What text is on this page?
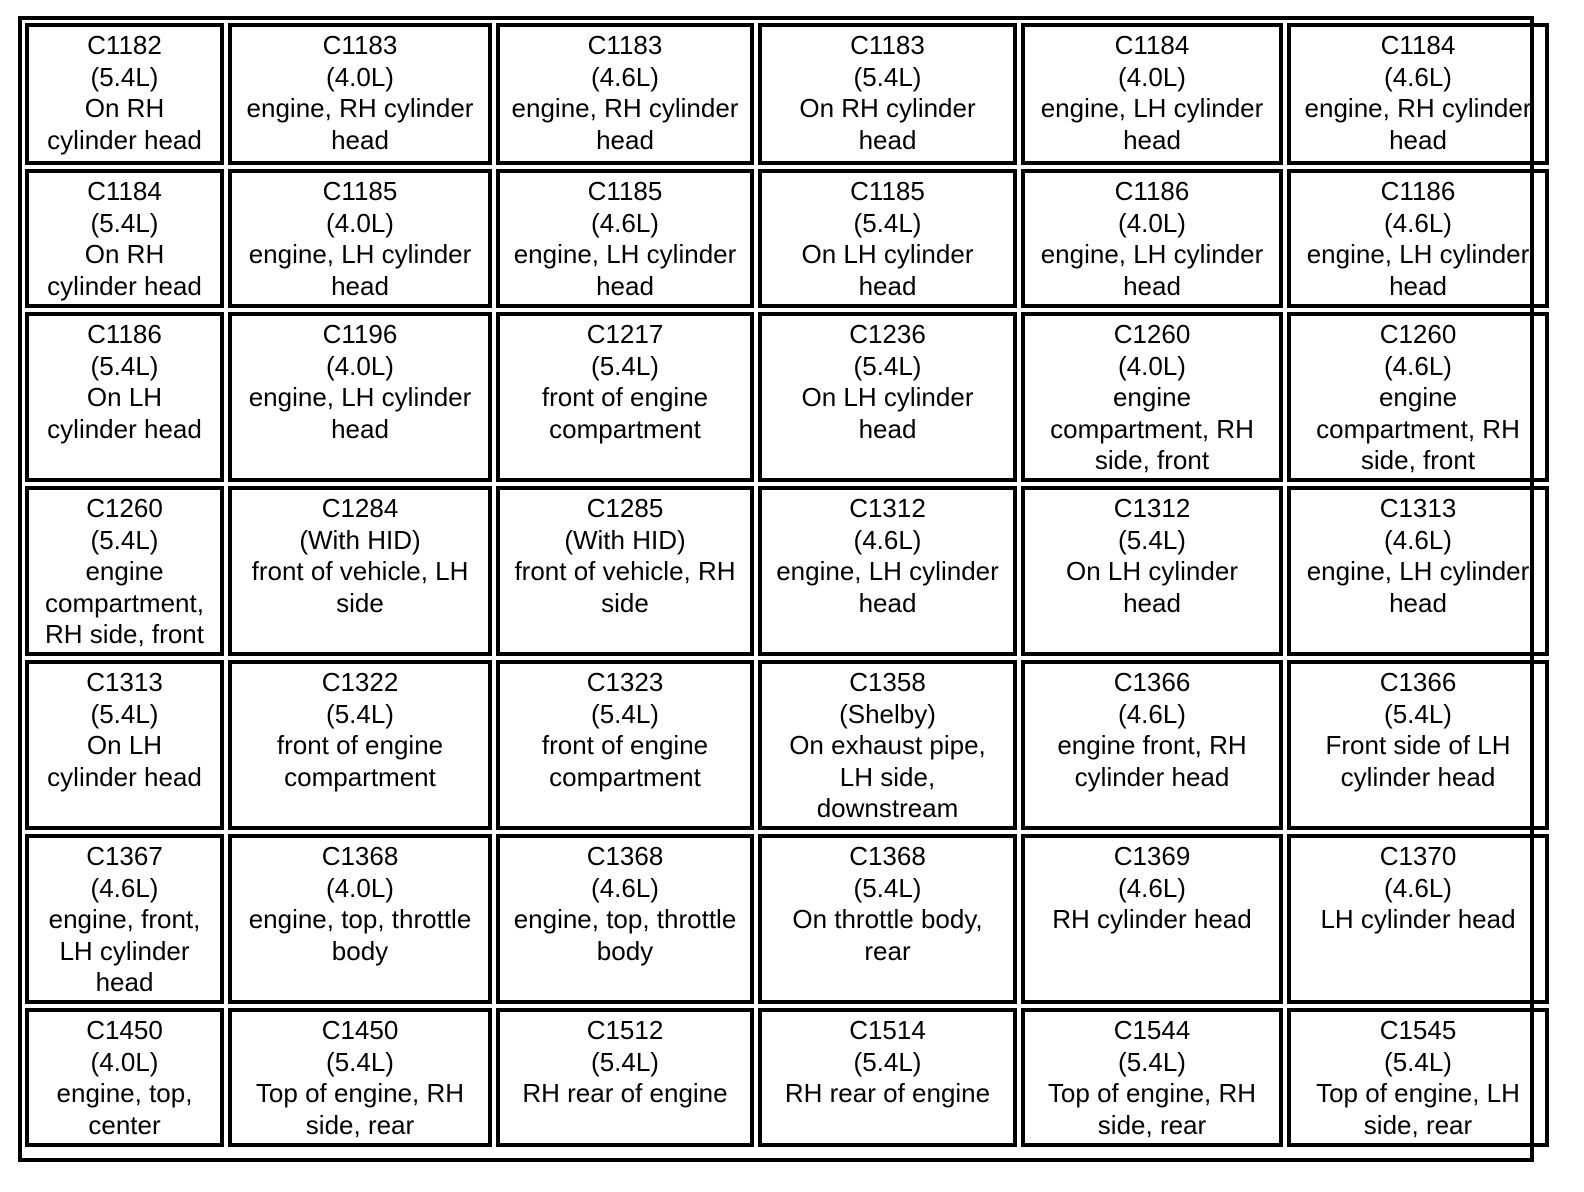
C1182
(5.4L)
On RH
cylinder head
C1183
(4.0L)
engine, RH cylinder
head
C1183
(4.6L)
engine, RH cylinder
head
C1183
(5.4L)
On RH cylinder
head
C1184
(4.0L)
engine, LH cylinder
head
C1184
(4.6L)
engine, RH cylinder
head
C1184
(5.4L)
On RH
cylinder head
C1185
(4.0L)
engine, LH cylinder
head
C1185
(4.6L)
engine, LH cylinder
head
C1185
(5.4L)
On LH cylinder
head
C1186
(4.0L)
engine, LH cylinder
head
C1186
(4.6L)
engine, LH cylinder
head
C1186
(5.4L)
On LH
cylinder head
C1196
(4.0L)
engine, LH cylinder
head
C1217
(5.4L)
front of engine
compartment
C1236
(5.4L)
On LH cylinder
head
C1260
(4.0L)
engine
compartment, RH
side, front
C1260
(4.6L)
engine
compartment, RH
side, front
C1260
(5.4L)
engine
compartment,
RH side, front
C1284
(With HID)
front of vehicle, LH
side
C1285
(With HID)
front of vehicle, RH
side
C1312
(4.6L)
engine, LH cylinder
head
C1312
(5.4L)
On LH cylinder
head
C1313
(4.6L)
engine, LH cylinder
head
C1313
(5.4L)
On LH
cylinder head
C1322
(5.4L)
front of engine
compartment
C1323
(5.4L)
front of engine
compartment
C1358
(Shelby)
On exhaust pipe,
LH side,
downstream
C1366
(4.6L)
engine front, RH
cylinder head
C1366
(5.4L)
Front side of LH
cylinder head
C1367
(4.6L)
engine, front,
LH cylinder
head
C1368
(4.0L)
engine, top, throttle
body
C1368
(4.6L)
engine, top, throttle
body
C1368
(5.4L)
On throttle body,
rear
C1369
(4.6L)
RH cylinder head
C1370
(4.6L)
LH cylinder head
C1450
(4.0L)
engine, top,
center
C1450
(5.4L)
Top of engine, RH
side, rear
C1512
(5.4L)
RH rear of engine
C1514
(5.4L)
RH rear of engine
C1544
(5.4L)
Top of engine, RH
side, rear
C1545
(5.4L)
Top of engine, LH
side, rear
